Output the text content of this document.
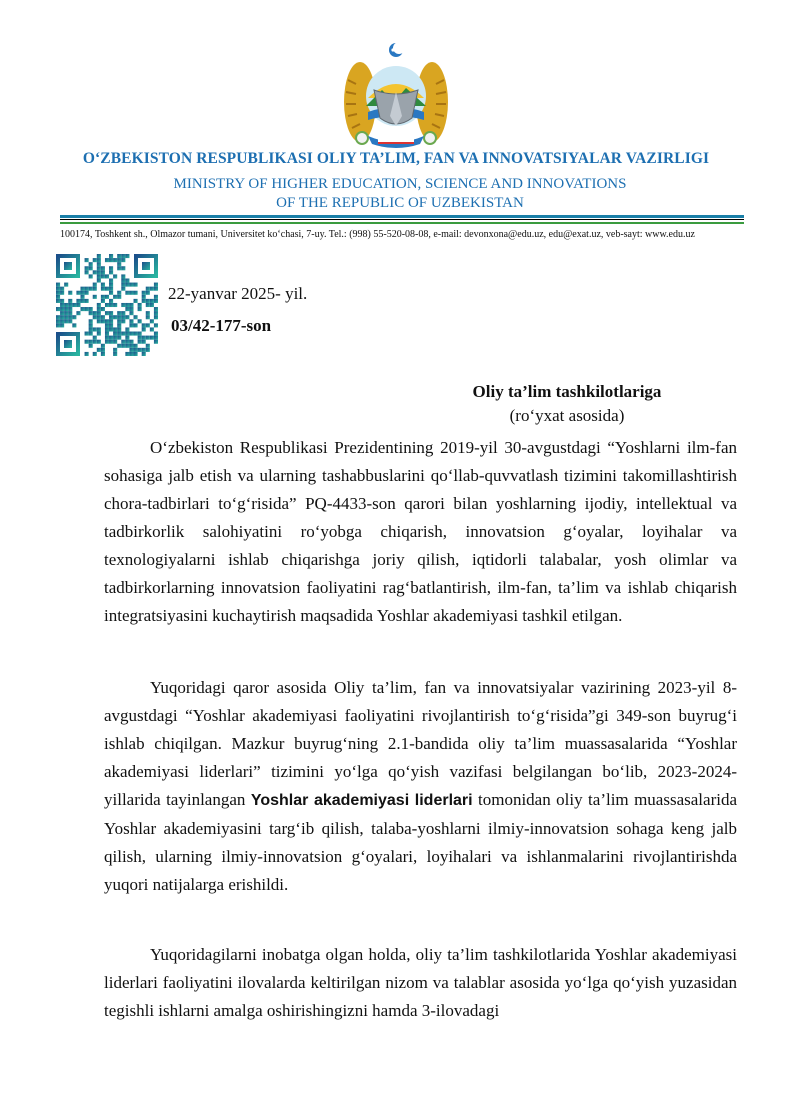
O‘ZBEKISTON RESPUBLIKASI OLIY TA’LIM, FAN VA INNOVATSIYALAR VAZIRLIGI
MINISTRY OF HIGHER EDUCATION, SCIENCE AND INNOVATIONS
OF THE REPUBLIC OF UZBEKISTAN
100174, Toshkent sh., Olmazor tumani, Universitet ko‘chasi, 7-uy. Tel.: (998) 55-520-08-08, e-mail: devonxona@edu.uz, edu@exat.uz, veb-sayt: www.edu.uz
22-yanvar 2025- yil.
03/42-177-son
Oliy ta’lim tashkilotlariga
(ro‘yxat asosida)

O‘zbekiston Respublikasi Prezidentining 2019-yil 30-avgustdagi “Yoshlarni ilm-fan sohasiga jalb etish va ularning tashabbuslarini qo‘llab-quvvatlash tizimini takomillashtirish chora-tadbirlari to‘g‘risida” PQ-4433-son qarori bilan yoshlarning ijodiy, intellektual va tadbirkorlik salohiyatini ro‘yobga chiqarish, innovatsion g‘oyalar, loyihalar va texnologiyalarni ishlab chiqarishga joriy qilish, iqtidorli talabalar, yosh olimlar va tadbirkorlarning innovatsion faoliyatini rag‘batlantirish, ilm-fan, ta’lim va ishlab chiqarish integratsiyasini kuchaytirish maqsadida Yoshlar akademiyasi tashkil etilgan.

Yuqoridagi qaror asosida Oliy ta’lim, fan va innovatsiyalar vazirining 2023-yil 8-avgustdagi “Yoshlar akademiyasi faoliyatini rivojlantirish to‘g‘risida”gi 349-son buyrug‘i ishlab chiqilgan. Mazkur buyrug‘ning 2.1-bandida oliy ta’lim muassasalarida “Yoshlar akademiyasi liderlari” tizimini yo‘lga qo‘yish vazifasi belgilangan bo‘lib, 2023-2024-yillarida tayinlangan Yoshlar akademiyasi liderlari tomonidan oliy ta’lim muassasalarida Yoshlar akademiyasini targ‘ib qilish, talaba-yoshlarni ilmiy-innovatsion sohaga keng jalb qilish, ularning ilmiy-innovatsion g‘oyalari, loyihalari va ishlanmalarini rivojlantirishda yuqori natijalarga erishildi.

Yuqoridagilarni inobatga olgan holda, oliy ta’lim tashkilotlarida Yoshlar akademiyasi liderlari faoliyatini ilovalarda keltirilgan nizom va talablar asosida yo‘lga qo‘yish yuzasidan tegishli ishlarni amalga oshirishingizni hamda 3-ilovadagi
